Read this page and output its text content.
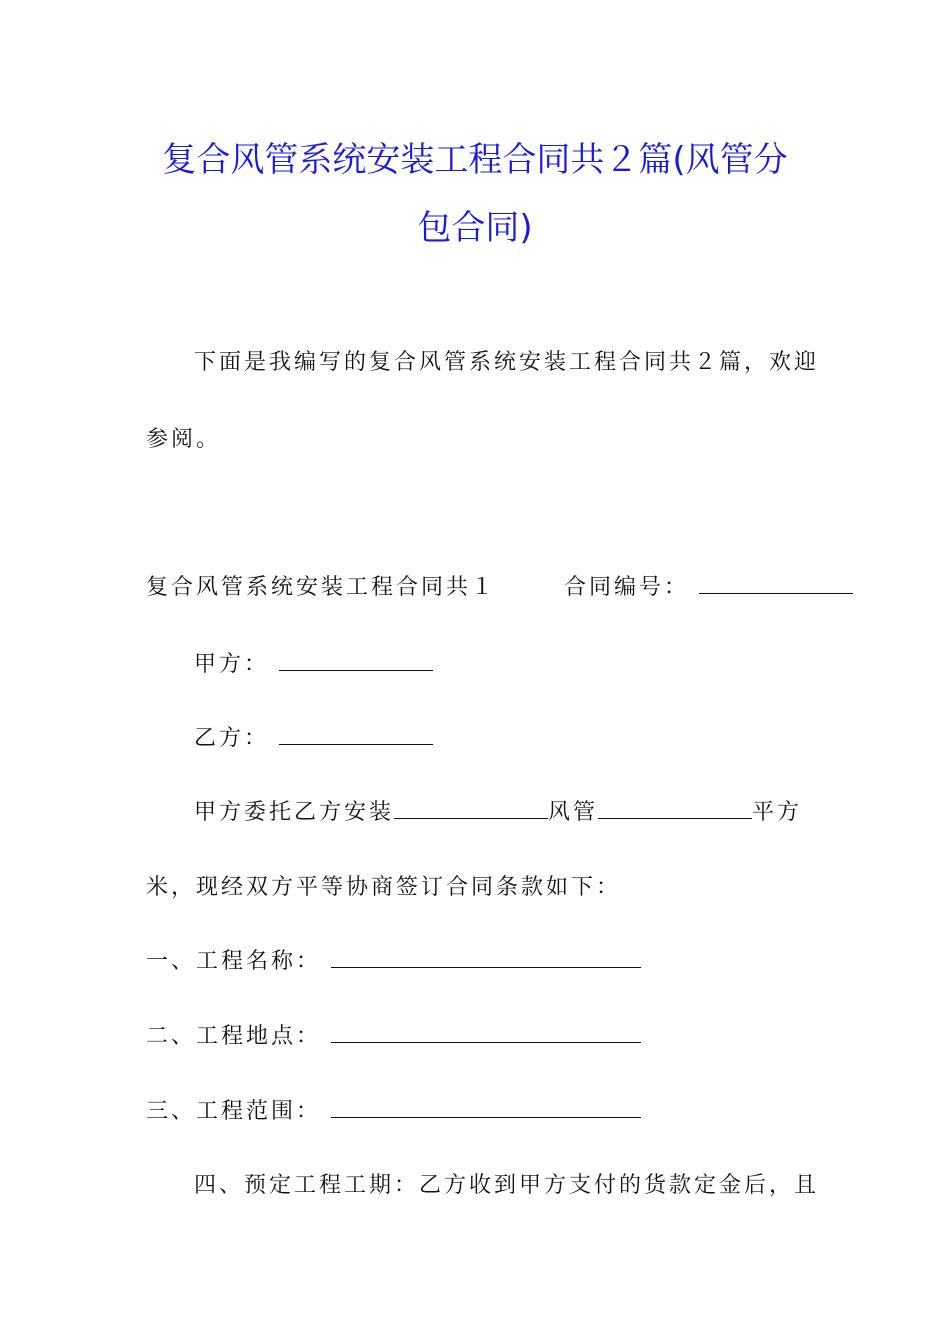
复合风管系统安装工程合同共２篇(风管分
包合同)
下面是我编写的复合风管系统安装工程合同共２篇，欢迎
参阅。
复合风管系统安装工程合同共１	合同编号：
甲方：
乙方：
甲方委托乙方安装	风管	平方
米，现经双方平等协商签订合同条款如下：
一、工程名称：
二、工程地点：
三、工程范围：
四、预定工程工期：乙方收到甲方支付的货款定金后，且
